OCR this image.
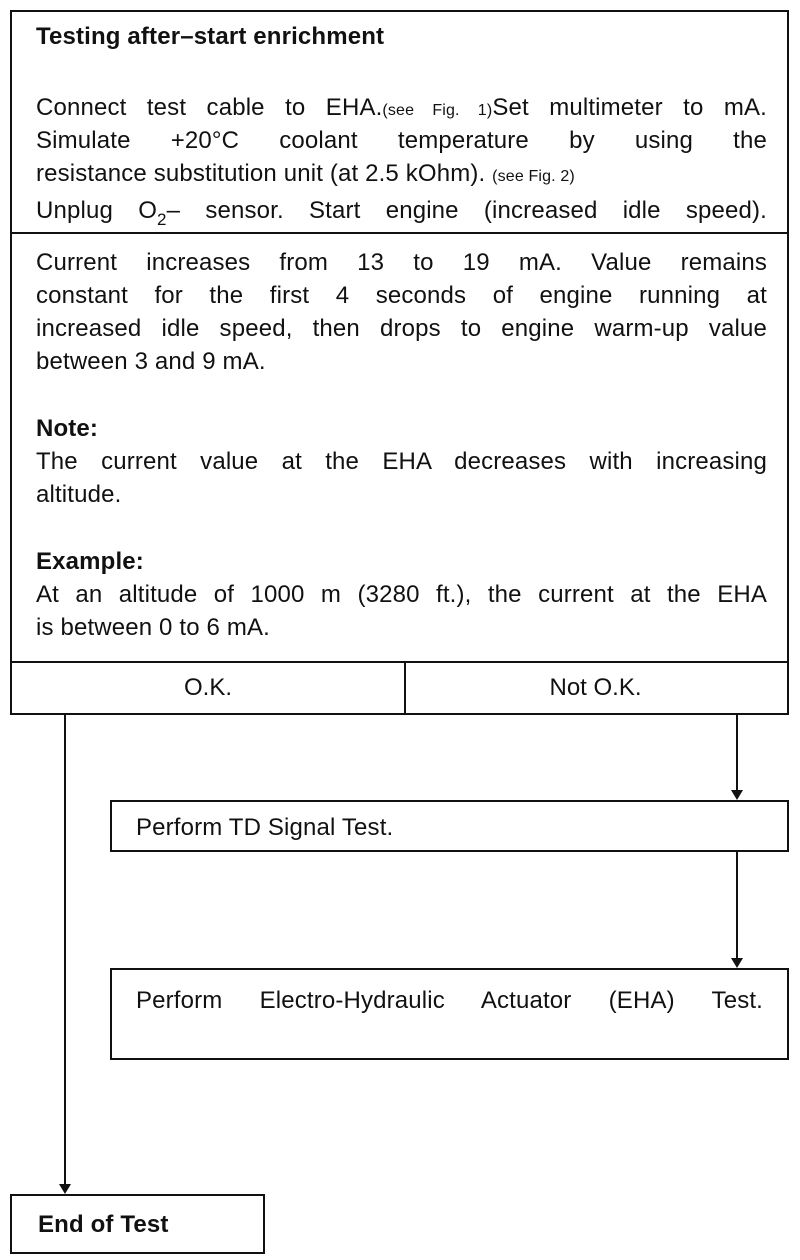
Testing after–start enrichment
Connect test cable to EHA.(see Fig. 1)Set multimeter to mA.
Simulate +20°C coolant temperature by using the
resistance substitution unit (at 2.5 kOhm). (see Fig. 2)
Unplug $O_2-$ sensor. Start engine (increased idle speed).
Current increases from 13 to 19 mA. Value remains
constant for the first 4 seconds of engine running at
increased idle speed, then drops to engine warm-up value
between 3 and 9 mA.
Note:
The current value at the EHA decreases with increasing
altitude.
Example:
At an altitude of 1000 m (3280 ft.), the current at the EHA
is between 0 to 6 mA.
O.K.	Not O.K.
Perform TD Signal Test.
Perform Electro-Hydraulic Actuator (EHA) Test.
End of Test
